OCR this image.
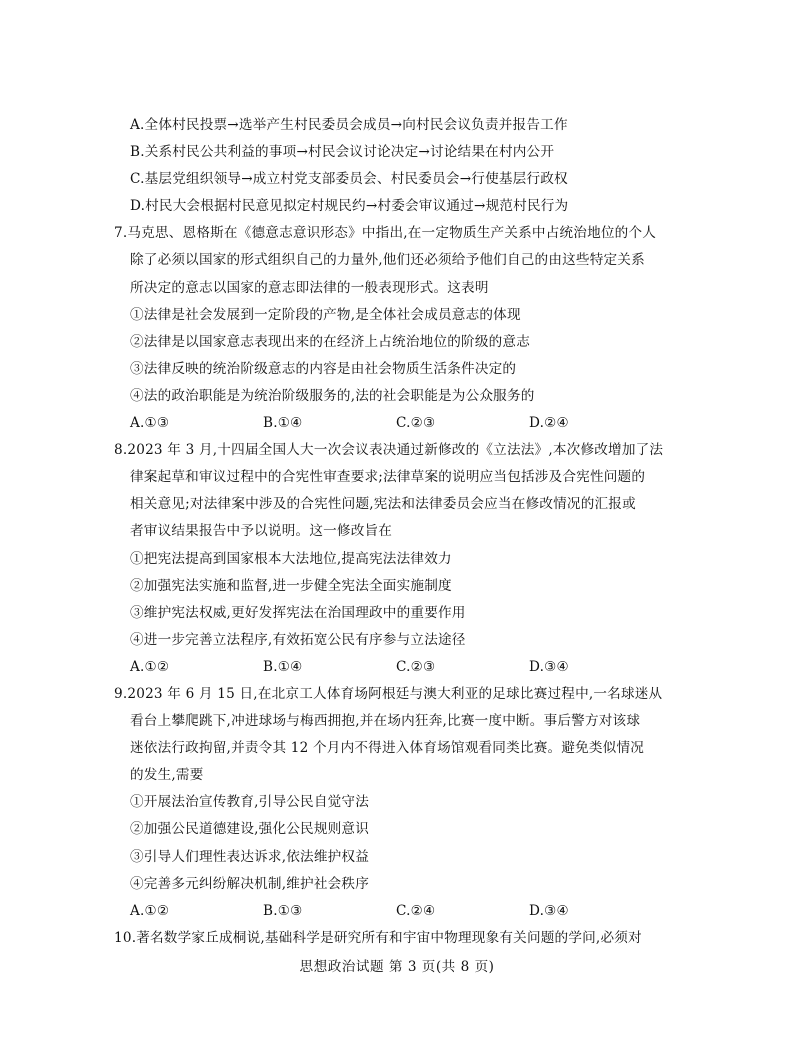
A.全体村民投票→选举产生村民委员会成员→向村民会议负责并报告工作
B.关系村民公共利益的事项→村民会议讨论决定→讨论结果在村内公开
C.基层党组织领导→成立村党支部委员会、村民委员会→行使基层行政权
D.村民大会根据村民意见拟定村规民约→村委会审议通过→规范村民行为
7.马克思、恩格斯在《德意志意识形态》中指出,在一定物质生产关系中占统治地位的个人
除了必须以国家的形式组织自己的力量外,他们还必须给予他们自己的由这些特定关系
所决定的意志以国家的意志即法律的一般表现形式。这表明
①法律是社会发展到一定阶段的产物,是全体社会成员意志的体现
②法律是以国家意志表现出来的在经济上占统治地位的阶级的意志
③法律反映的统治阶级意志的内容是由社会物质生活条件决定的
④法的政治职能是为统治阶级服务的,法的社会职能是为公众服务的
A.①③	B.①④	C.②③	D.②④
8.2023 年 3 月,十四届全国人大一次会议表决通过新修改的《立法法》,本次修改增加了法
律案起草和审议过程中的合宪性审查要求;法律草案的说明应当包括涉及合宪性问题的
相关意见;对法律案中涉及的合宪性问题,宪法和法律委员会应当在修改情况的汇报或
者审议结果报告中予以说明。这一修改旨在
①把宪法提高到国家根本大法地位,提高宪法法律效力
②加强宪法实施和监督,进一步健全宪法全面实施制度
③维护宪法权威,更好发挥宪法在治国理政中的重要作用
④进一步完善立法程序,有效拓宽公民有序参与立法途径
A.①②	B.①④	C.②③	D.③④
9.2023 年 6 月 15 日,在北京工人体育场阿根廷与澳大利亚的足球比赛过程中,一名球迷从
看台上攀爬跳下,冲进球场与梅西拥抱,并在场内狂奔,比赛一度中断。事后警方对该球
迷依法行政拘留,并责令其 12 个月内不得进入体育场馆观看同类比赛。避免类似情况
的发生,需要
①开展法治宣传教育,引导公民自觉守法
②加强公民道德建设,强化公民规则意识
③引导人们理性表达诉求,依法维护权益
④完善多元纠纷解决机制,维护社会秩序
A.①②	B.①③	C.②④	D.③④
10.著名数学家丘成桐说,基础科学是研究所有和宇宙中物理现象有关问题的学问,必须对
思想政治试题 第 3 页(共 8 页)
